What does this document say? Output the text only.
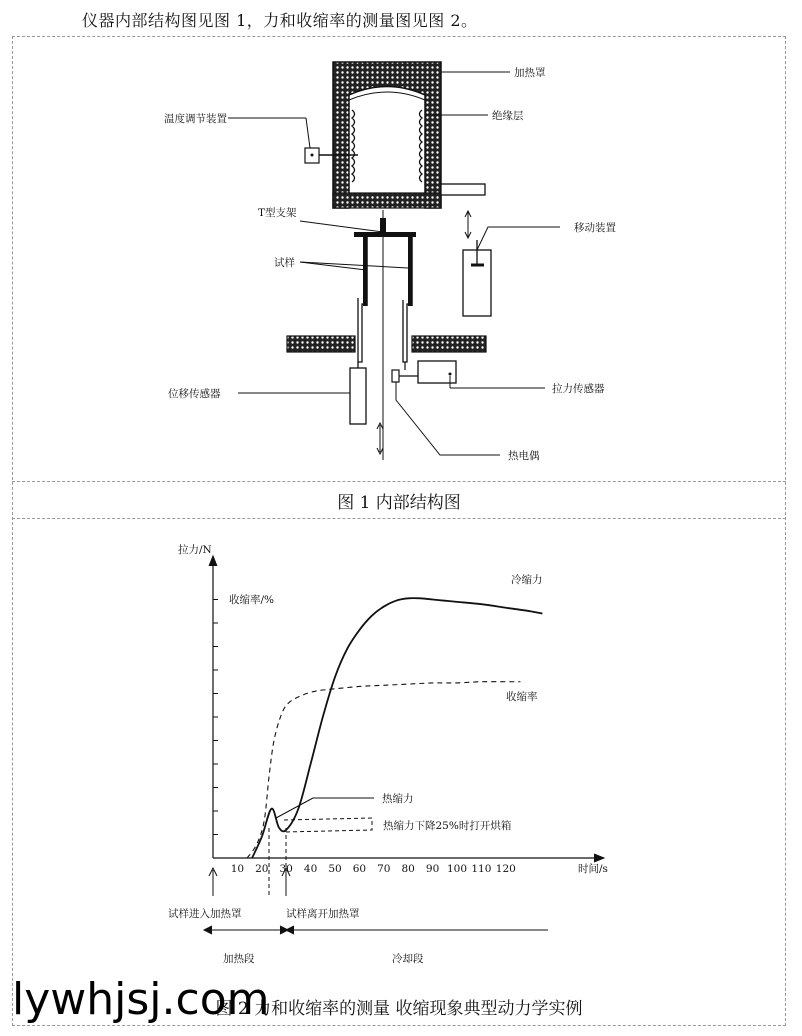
仪器内部结构图见图 1，力和收缩率的测量图见图 2。
图 1 内部结构图
图 2 力和收缩率的测量 收缩现象典型动力学实例
加热罩
绝缘层
温度调节装置
T型支架
移动装置
试样
位移传感器	拉力传感器
热电偶
10 20 30 40 50 60 70 80 90 100 110 120
拉力/N
收缩率/%
时间/s
冷缩力
收缩率
热缩力
热缩力下降25%时打开烘箱
试样进入加热罩	试样离开加热罩
加热段	冷却段
lywhjsj.com
